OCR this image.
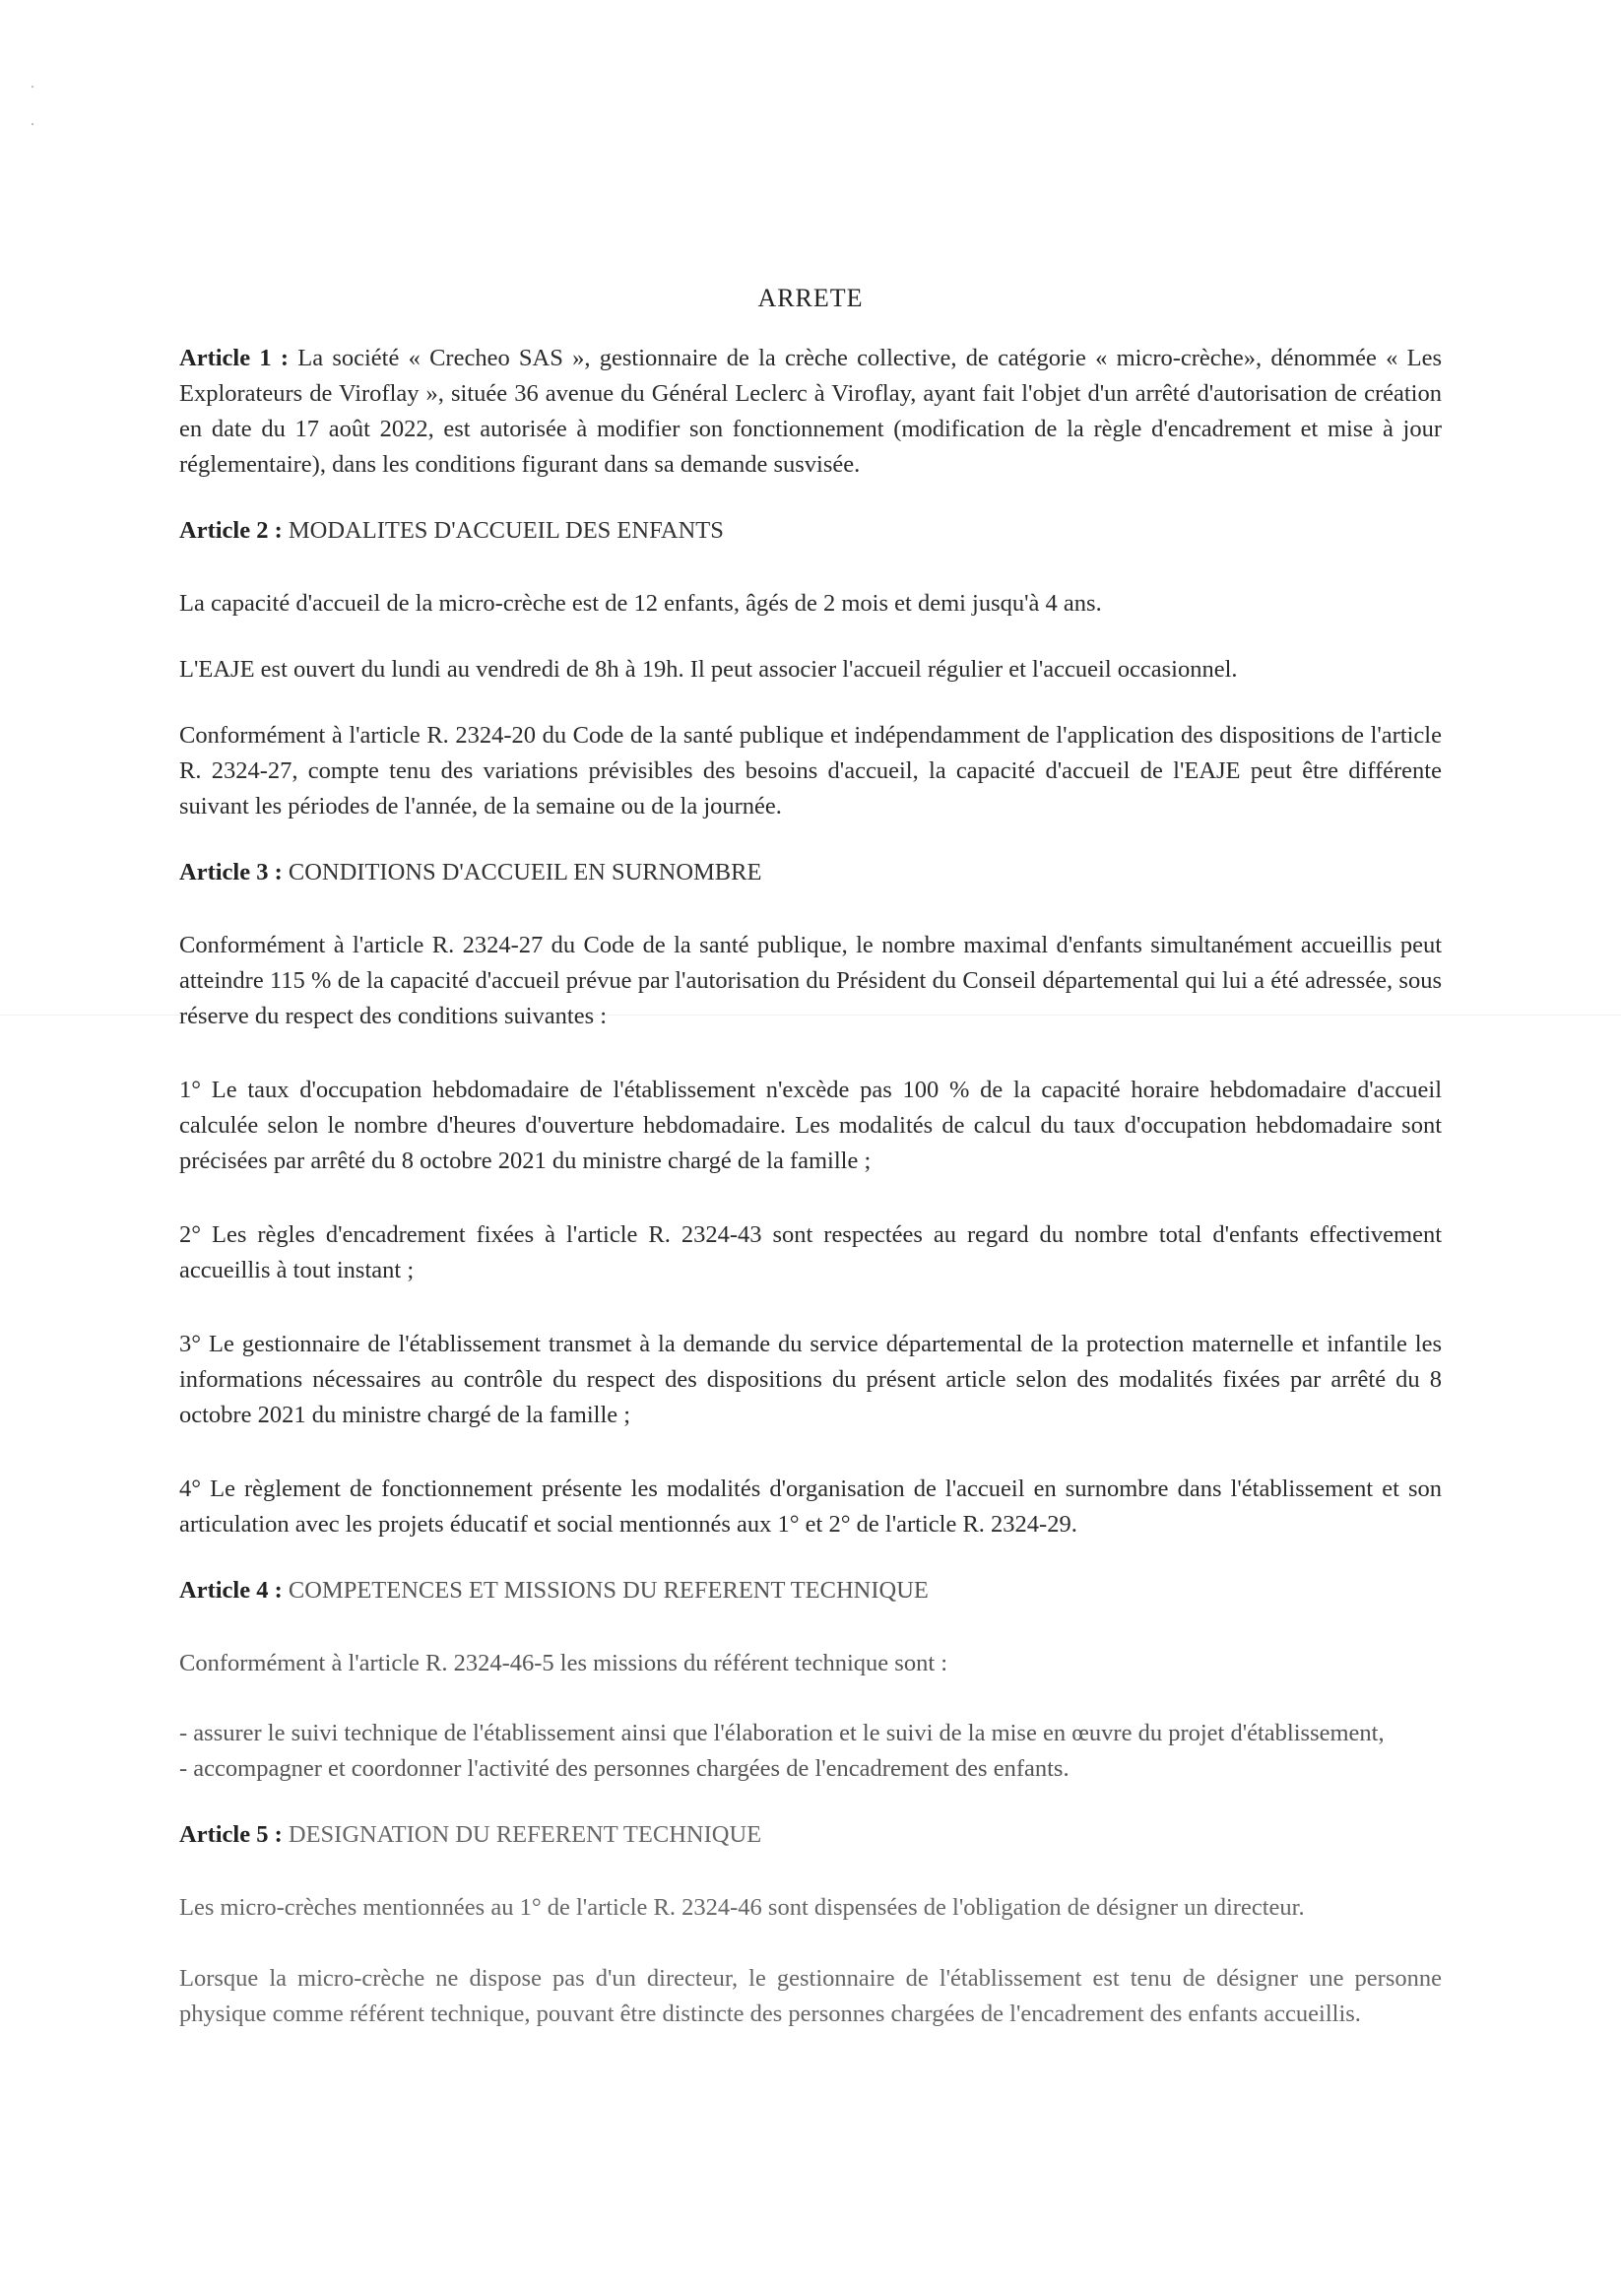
ARRETE

Article 1 : La société « Crecheo SAS », gestionnaire de la crèche collective, de catégorie « micro-crèche», dénommée « Les Explorateurs de Viroflay », située 36 avenue du Général Leclerc à Viroflay, ayant fait l'objet d'un arrêté d'autorisation de création en date du 17 août 2022, est autorisée à modifier son fonctionnement (modification de la règle d'encadrement et mise à jour réglementaire), dans les conditions figurant dans sa demande susvisée.

Article 2 : MODALITES D'ACCUEIL DES ENFANTS

La capacité d'accueil de la micro-crèche est de 12 enfants, âgés de 2 mois et demi jusqu'à 4 ans.

L'EAJE est ouvert du lundi au vendredi de 8h à 19h. Il peut associer l'accueil régulier et l'accueil occasionnel.

Conformément à l'article R. 2324-20 du Code de la santé publique et indépendamment de l'application des dispositions de l'article R. 2324-27, compte tenu des variations prévisibles des besoins d'accueil, la capacité d'accueil de l'EAJE peut être différente suivant les périodes de l'année, de la semaine ou de la journée.

Article 3 : CONDITIONS D'ACCUEIL EN SURNOMBRE

Conformément à l'article R. 2324-27 du Code de la santé publique, le nombre maximal d'enfants simultanément accueillis peut atteindre 115 % de la capacité d'accueil prévue par l'autorisation du Président du Conseil départemental qui lui a été adressée, sous réserve du respect des conditions suivantes :

1° Le taux d'occupation hebdomadaire de l'établissement n'excède pas 100 % de la capacité horaire hebdomadaire d'accueil calculée selon le nombre d'heures d'ouverture hebdomadaire. Les modalités de calcul du taux d'occupation hebdomadaire sont précisées par arrêté du 8 octobre 2021 du ministre chargé de la famille ;

2° Les règles d'encadrement fixées à l'article R. 2324-43 sont respectées au regard du nombre total d'enfants effectivement accueillis à tout instant ;

3° Le gestionnaire de l'établissement transmet à la demande du service départemental de la protection maternelle et infantile les informations nécessaires au contrôle du respect des dispositions du présent article selon des modalités fixées par arrêté du 8 octobre 2021 du ministre chargé de la famille ;

4° Le règlement de fonctionnement présente les modalités d'organisation de l'accueil en surnombre dans l'établissement et son articulation avec les projets éducatif et social mentionnés aux 1° et 2° de l'article R. 2324-29.

Article 4 : COMPETENCES ET MISSIONS DU REFERENT TECHNIQUE

Conformément à l'article R. 2324-46-5 les missions du référent technique sont :

- assurer le suivi technique de l'établissement ainsi que l'élaboration et le suivi de la mise en œuvre du projet d'établissement,

- accompagner et coordonner l'activité des personnes chargées de l'encadrement des enfants.

Article 5 : DESIGNATION DU REFERENT TECHNIQUE

Les micro-crèches mentionnées au 1° de l'article R. 2324-46 sont dispensées de l'obligation de désigner un directeur.

Lorsque la micro-crèche ne dispose pas d'un directeur, le gestionnaire de l'établissement est tenu de désigner une personne physique comme référent technique, pouvant être distincte des personnes chargées de l'encadrement des enfants accueillis.
